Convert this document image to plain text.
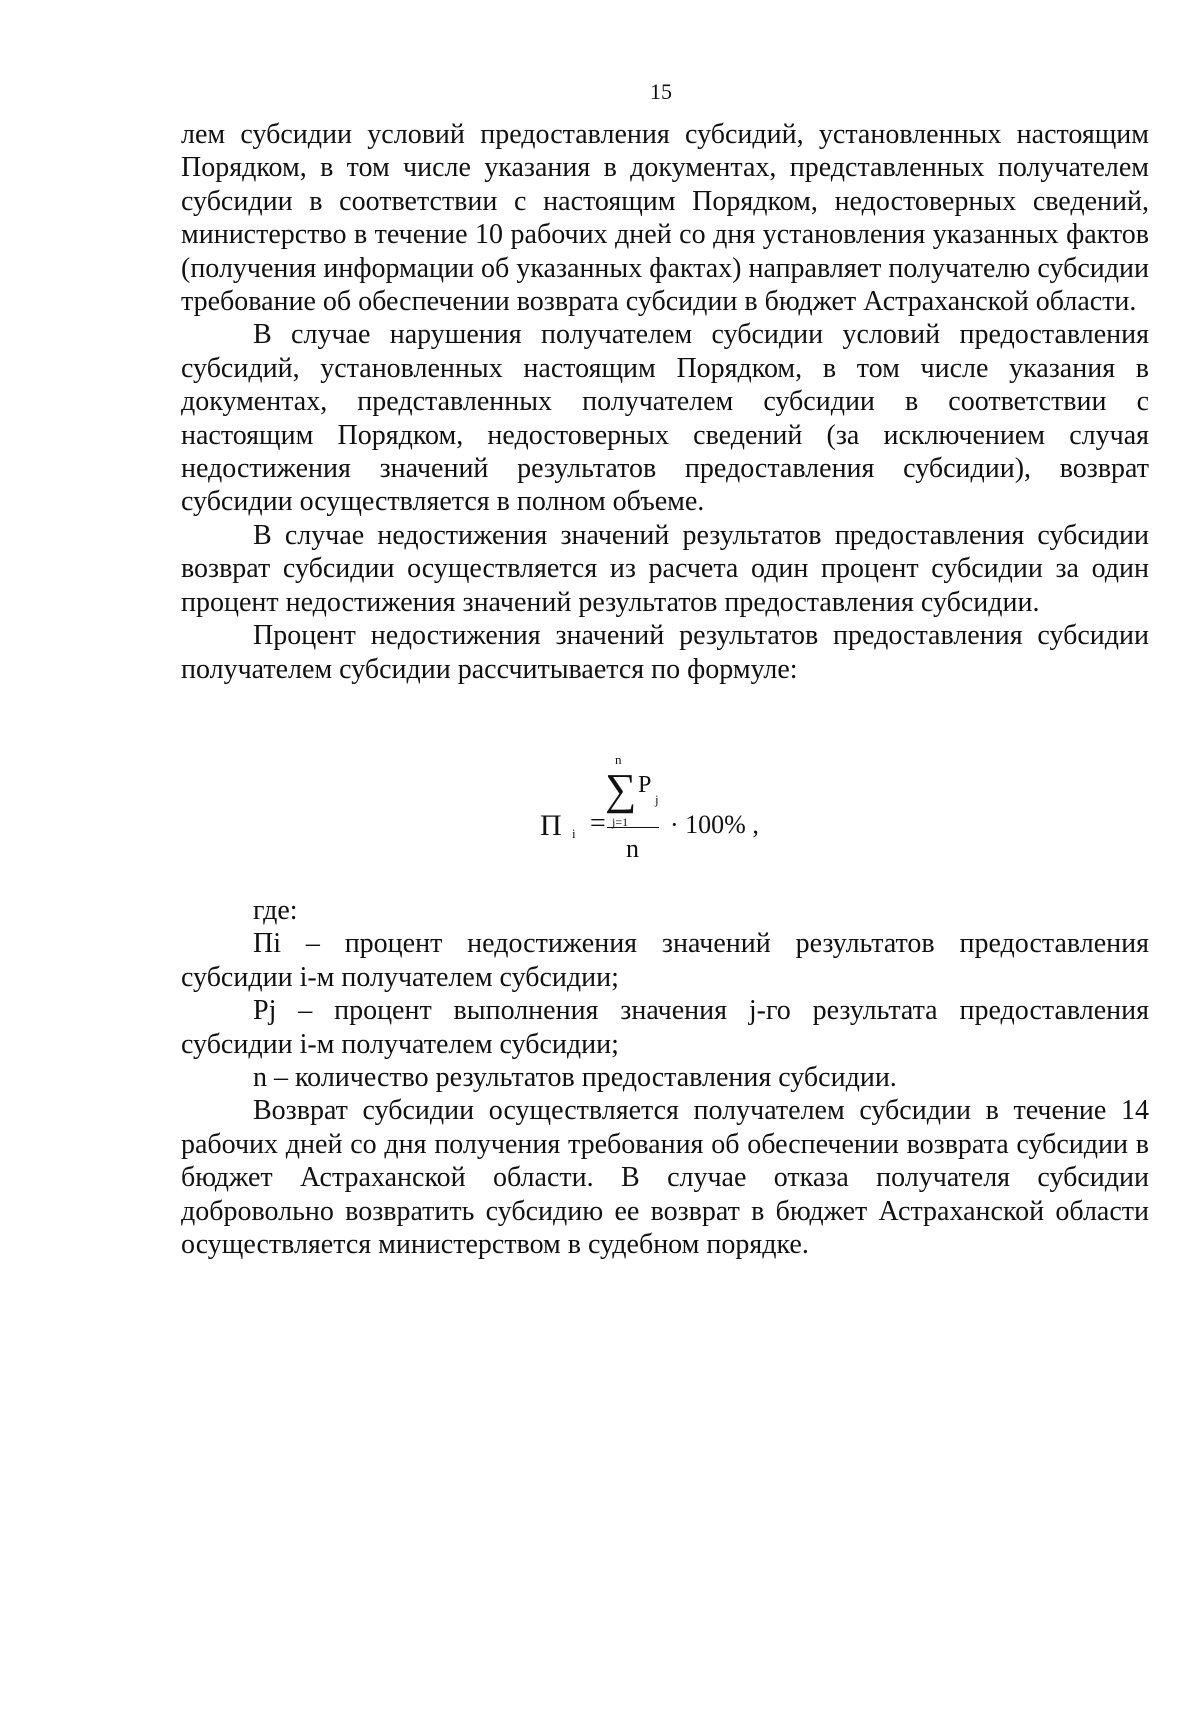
15

лем субсидии условий предоставления субсидий, установленных настоящим Порядком, в том числе указания в документах, представленных получателем субсидии в соответствии с настоящим Порядком, недостоверных сведений, министерство в течение 10 рабочих дней со дня установления указанных фактов (получения информации об указанных фактах) направляет получателю субсидии требование об обеспечении возврата субсидии в бюджет Астраханской области.

В случае нарушения получателем субсидии условий предоставления субсидий, установленных настоящим Порядком, в том числе указания в документах, представленных получателем субсидии в соответствии с настоящим Порядком, недостоверных сведений (за исключением случая недостижения значений результатов предоставления субсидии), возврат субсидии осуществляется в полном объеме.

В случае недостижения значений результатов предоставления субсидии возврат субсидии осуществляется из расчета один процент субсидии за один процент недостижения значений результатов предоставления субсидии.

Процент недостижения значений результатов предоставления субсидии получателем субсидии рассчитывается по формуле:

П i =
n
∑
j=1
P
j
n
· 100% ,

где:

Пi – процент недостижения значений результатов предоставления субсидии i-м получателем субсидии;

Pj – процент выполнения значения j-го результата предоставления субсидии i-м получателем субсидии;

n – количество результатов предоставления субсидии.

Возврат субсидии осуществляется получателем субсидии в течение 14 рабочих дней со дня получения требования об обеспечении возврата субсидии в бюджет Астраханской области. В случае отказа получателя субсидии добровольно возвратить субсидию ее возврат в бюджет Астраханской области осуществляется министерством в судебном порядке.
